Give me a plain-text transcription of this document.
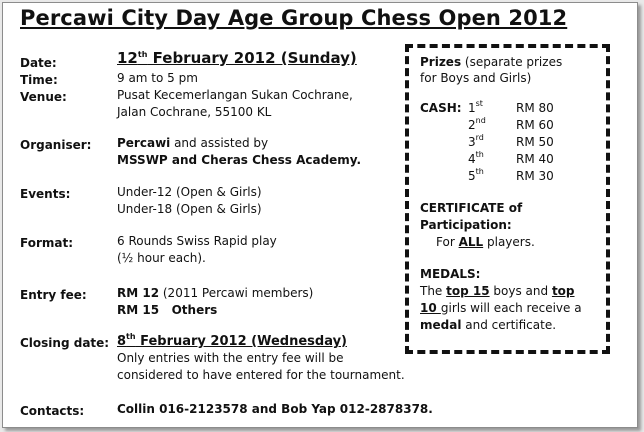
Percawi City Day Age Group Chess Open 2012
Date:	12th February 2012 (Sunday)
Time:	9 am to 5 pm
Venue:	Pusat Kecemerlangan Sukan Cochrane,
Jalan Cochrane, 55100 KL
Organiser: Percawi and assisted by
MSSWP and Cheras Chess Academy.
Events:	Under-12 (Open & Girls)
Under-18 (Open & Girls)
Format:	6 Rounds Swiss Rapid play
(½ hour each).
Entry fee:	RM 12 (2011 Percawi members)
RM 15 Others
Closing date: 8th February 2012 (Wednesday)
Only entries with the entry fee will be
considered to have entered for the tournament.
Contacts:	Collin 016-2123578 and Bob Yap 012-2878378.
Prizes (separate prizes
for Boys and Girls)
CASH: 1st	RM 80
2nd	RM 60
3rd	RM 50
4th	RM 40
5th	RM 30
CERTIFICATE of
Participation:
For ALL players.
MEDALS:
The top 15 boys and top
10 girls will each receive a
medal and certificate.
